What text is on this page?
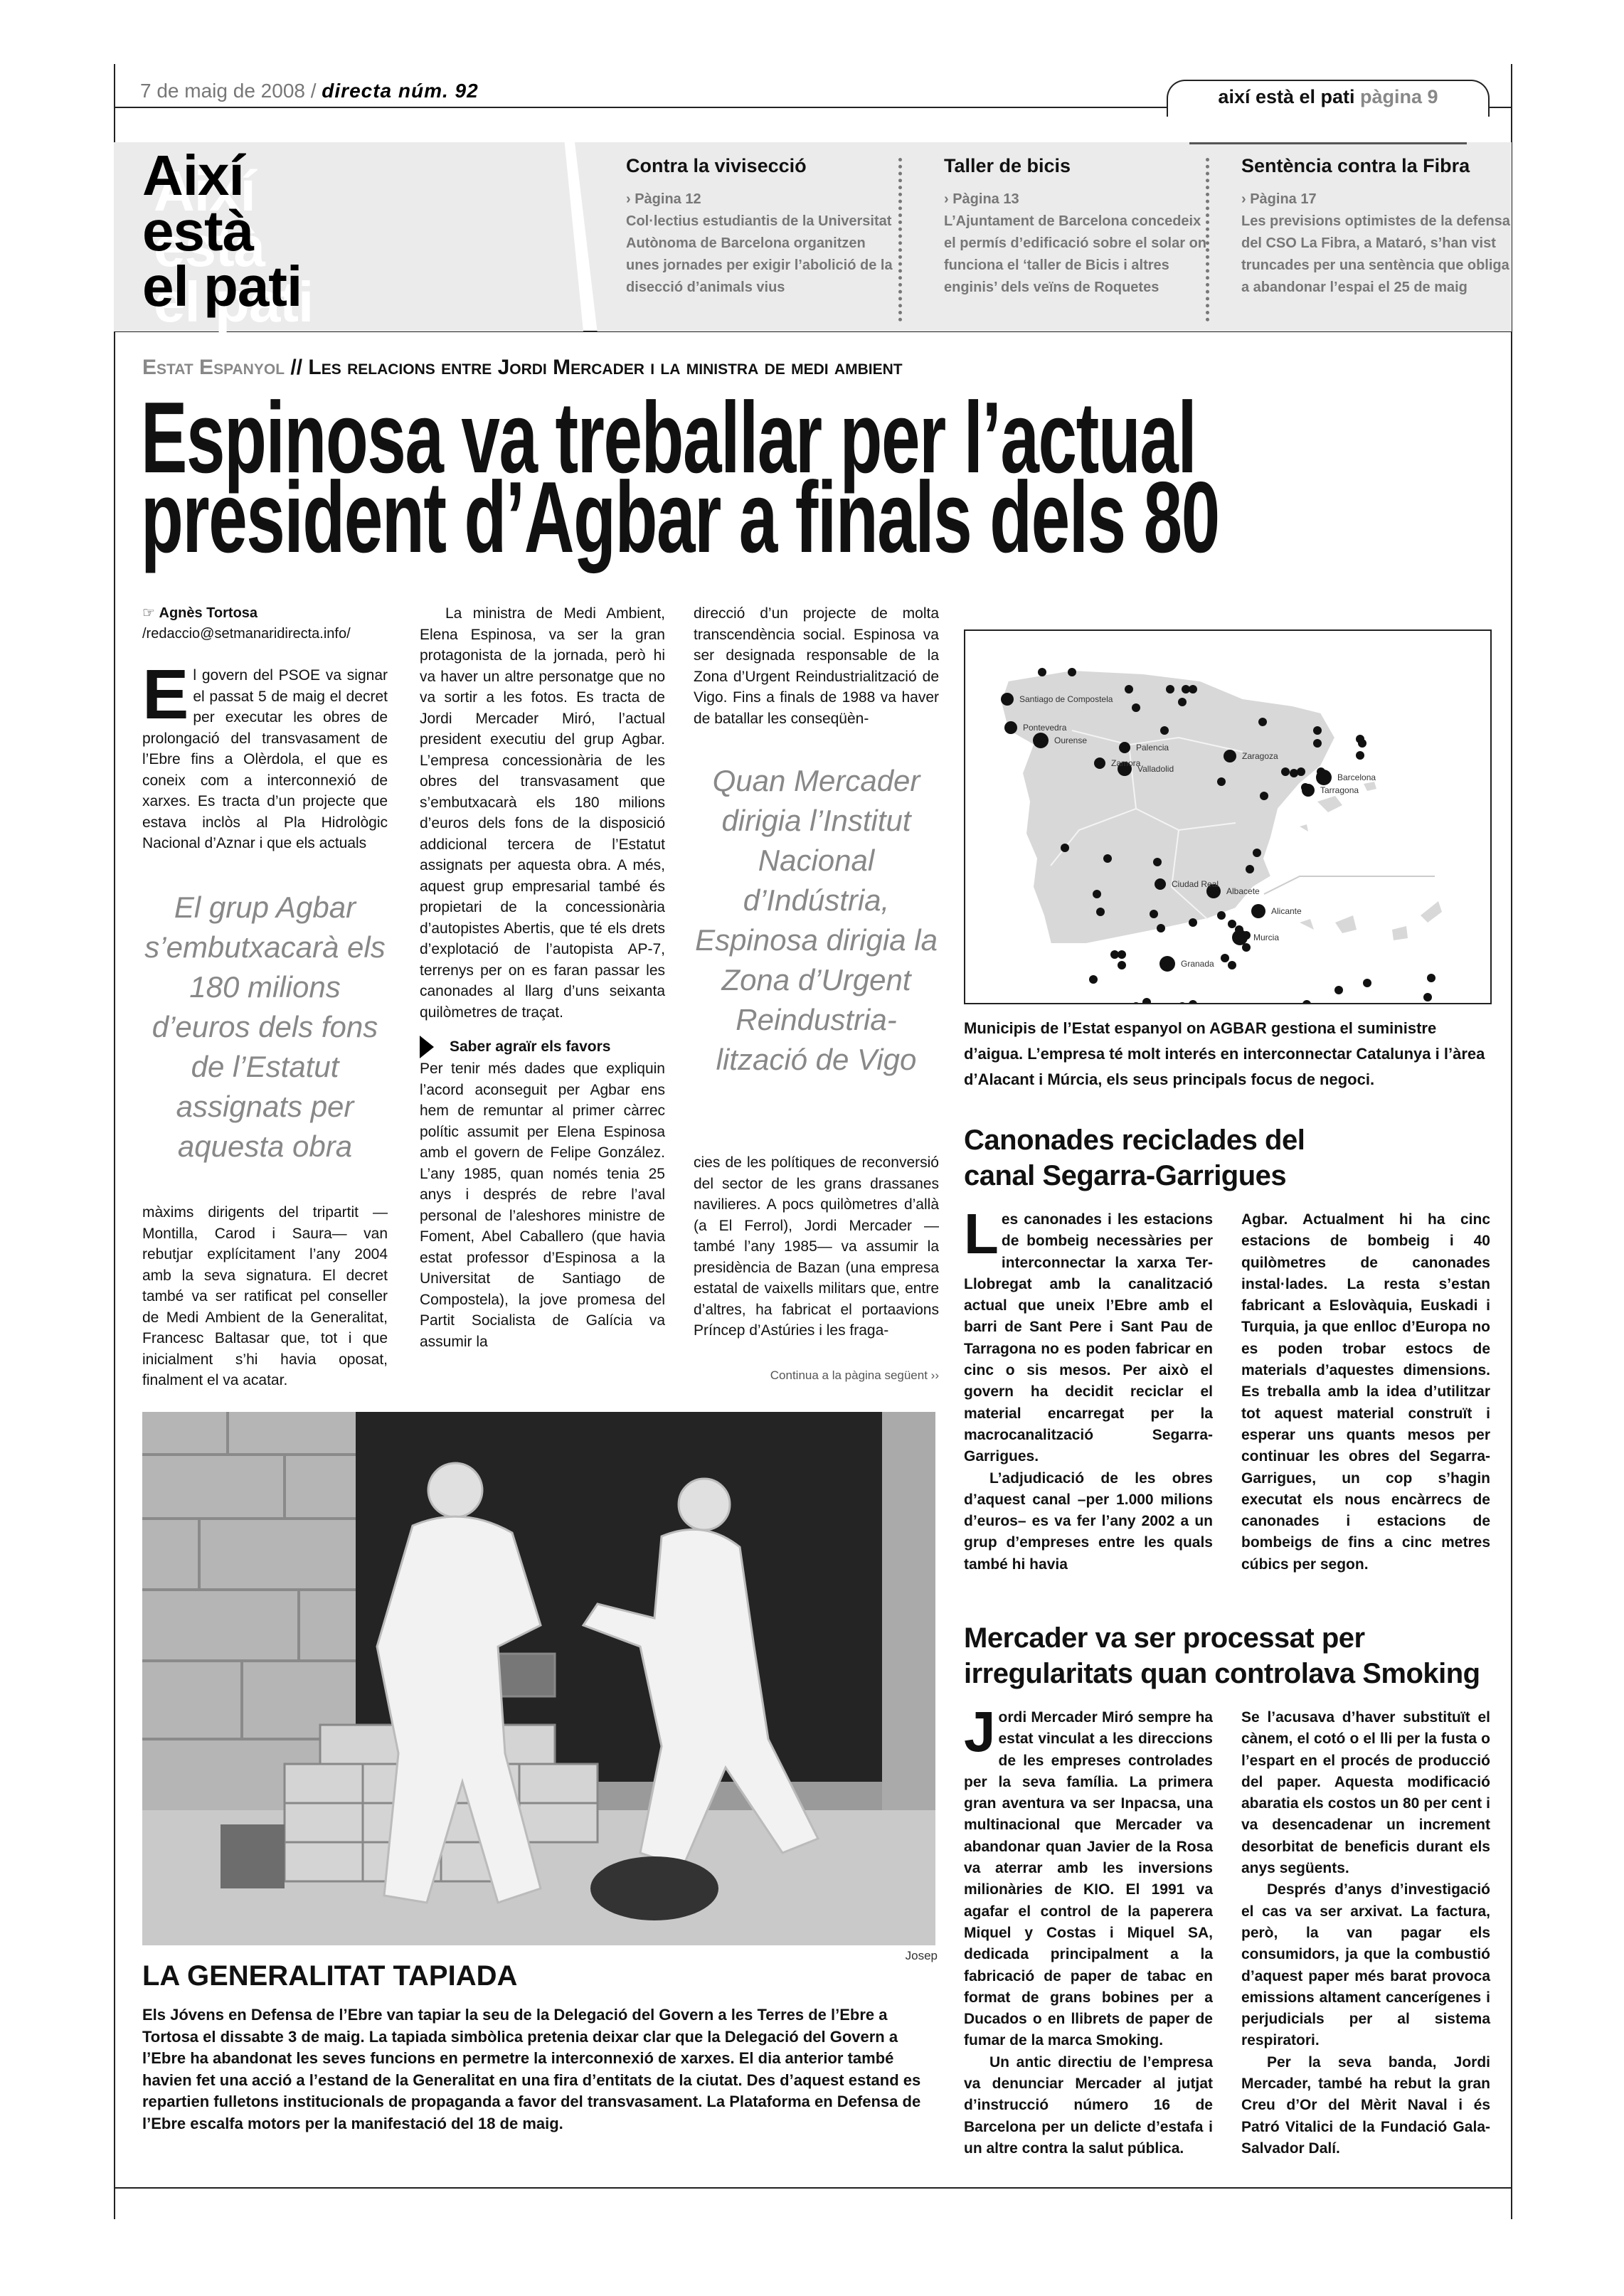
7 de maig de 2008 / directa núm. 92	així està el pati pàgina 9
Així
està
el pati
Contra la vivisecció
› Pàgina 12

Col·lectius estudiantis de la Universitat Autònoma de Barcelona organitzen unes jornades per exigir l’abolició de la disecció d’animals vius

Taller de bicis
› Pàgina 13

L’Ajuntament de Barcelona concedeix el permís d’edificació sobre el solar on funciona el ‘taller de Bicis i altres enginis’ dels veïns de Roquetes

Sentència contra la Fibra
› Pàgina 17

Les previsions optimistes de la defensa del CSO La Fibra, a Mataró, s’han vist truncades per una sentència que obliga a abandonar l’espai el 25 de maig

Estat Espanyol // Les relacions entre Jordi Mercader i la ministra de medi ambient
Espinosa va treballar per l’actual
president d’Agbar a finals dels 80
☞ Agnès Tortosa
/redaccio@setmanaridirecta.info/

El govern del PSOE va signar el passat 5 de maig el decret per executar les obres de prolongació del transvasament de l’Ebre fins a Olèrdola, el que es coneix com a interconnexió de xarxes. Es tracta d’un projecte que estava inclòs al Pla Hidrològic Nacional d’Aznar i que els actuals

El grup Agbar s’embutxacarà els 180 milions d’euros dels fons de l’Estatut assignats per aquesta obra

màxims dirigents del tripartit —Montilla, Carod i Saura— van rebutjar explícitament l’any 2004 amb la seva signatura. El decret també va ser ratificat pel conseller de Medi Ambient de la Generalitat, Francesc Baltasar que, tot i que inicialment s’hi havia oposat, finalment el va acatar.

La ministra de Medi Ambient, Elena Espinosa, va ser la gran protagonista de la jornada, però hi va haver un altre personatge que no va sortir a les fotos. Es tracta de Jordi Mercader Miró, l’actual president executiu del grup Agbar. L’empresa concessionària de les obres del transvasament que s’embutxacarà els 180 milions d’euros dels fons de la disposició addicional tercera de l’Estatut assignats per aquesta obra. A més, aquest grup empresarial també és propietari de la concessionària d’autopistes Abertis, que té els drets d’explotació de l’autopista AP-7, terrenys per on es faran passar les canonades al llarg d’uns seixanta quilòmetres de traçat.

Saber agraïr els favors

Per tenir més dades que expliquin l’acord aconseguit per Agbar ens hem de remuntar al primer càrrec polític assumit per Elena Espinosa amb el govern de Felipe González. L’any 1985, quan només tenia 25 anys i després de rebre l’aval personal de l’aleshores ministre de Foment, Abel Caballero (que havia estat professor d’Espinosa a la Universitat de Santiago de Compostela), la jove promesa del Partit Socialista de Galícia va assumir la

direcció d’un projecte de molta transcendència social. Espinosa va ser designada responsable de la Zona d’Urgent Reindustrialització de Vigo. Fins a finals de 1988 va haver de batallar les conseqüèn-

Quan Mercader dirigia l’Institut Nacional d’Indústria, Espinosa dirigia la Zona d’Urgent Reindustria-lització de Vigo

cies de les polítiques de reconversió del sector de les grans drassanes navilieres. A pocs quilòmetres d’allà (a El Ferrol), Jordi Mercader —també l’any 1985— va assumir la presidència de Bazan (una empresa estatal de vaixells militars que, entre d’altres, ha fabricat el portaavions Príncep d’Astúries i les fraga-

Continua a la pàgina següent ››
Santiago de Compostela
Pontevedra
Ourense
Zamora
Palencia
Valladolid
Zaragoza
Barcelona
Tarragona
Ciudad Real
Albacete
Alicante
Murcia
Granada
Municipis de l’Estat espanyol on AGBAR gestiona el suministre d’aigua. L’empresa té molt interés en interconnectar Catalunya i l’àrea d’Alacant i Múrcia, els seus principals focus de negoci.
Canonades reciclades del
canal Segarra-Garrigues

Les canonades i les estacions de bombeig necessàries per interconnectar la xarxa Ter-Llobregat amb la canalització actual que uneix l’Ebre amb el barri de Sant Pere i Sant Pau de Tarragona no es poden fabricar en cinc o sis mesos. Per això el govern ha decidit reciclar el material encarregat per la macrocanalització Segarra-Garrigues.

L’adjudicació de les obres d’aquest canal –per 1.000 milions d’euros– es va fer l’any 2002 a un grup d’empreses entre les quals també hi havia

Agbar. Actualment hi ha cinc estacions de bombeig i 40 quilòmetres de canonades instal·lades. La resta s’estan fabricant a Eslovàquia, Euskadi i Turquia, ja que enlloc d’Europa no es poden trobar estocs de materials d’aquestes dimensions. Es treballa amb la idea d’utilitzar tot aquest material construït i esperar uns quants mesos per continuar les obres del Segarra-Garrigues, un cop s’hagin executat els nous encàrrecs de canonades i estacions de bombeigs de fins a cinc metres cúbics per segon.

Mercader va ser processat per
irregularitats quan controlava Smoking

Jordi Mercader Miró sempre ha estat vinculat a les direccions de les empreses controlades per la seva família. La primera gran aventura va ser Inpacsa, una multinacional que Mercader va abandonar quan Javier de la Rosa va aterrar amb les inversions milionàries de KIO. El 1991 va agafar el control de la paperera Miquel y Costas i Miquel SA, dedicada principalment a la fabricació de paper de tabac en format de grans bobines per a Ducados o en llibrets de paper de fumar de la marca Smoking.

Un antic directiu de l’empresa va denunciar Mercader al jutjat d’instrucció número 16 de Barcelona per un delicte d’estafa i un altre contra la salut pública.

Se l’acusava d’haver substituït el cànem, el cotó o el lli per la fusta o l’espart en el procés de producció del paper. Aquesta modificació abaratia els costos un 80 per cent i va desencadenar un increment desorbitat de beneficis durant els anys següents.

Després d’anys d’investigació el cas va ser arxivat. La factura, però, la van pagar els consumidors, ja que la combustió d’aquest paper més barat provoca emissions altament cancerígenes i perjudicials per al sistema respiratori.

Per la seva banda, Jordi Mercader, també ha rebut la gran Creu d’Or del Mèrit Naval i és Patró Vitalici de la Fundació Gala-Salvador Dalí.

Josep
LA GENERALITAT TAPIADA

Els Jóvens en Defensa de l’Ebre van tapiar la seu de la Delegació del Govern a les Terres de l’Ebre a Tortosa el dissabte 3 de maig. La tapiada simbòlica pretenia deixar clar que la Delegació del Govern a l’Ebre ha abandonat les seves funcions en permetre la interconnexió de xarxes. El dia anterior també havien fet una acció a l’estand de la Generalitat en una fira d’entitats de la ciutat. Des d’aquest estand es repartien fulletons institucionals de propaganda a favor del transvasament. La Plataforma en Defensa de l’Ebre escalfa motors per la manifestació del 18 de maig.
